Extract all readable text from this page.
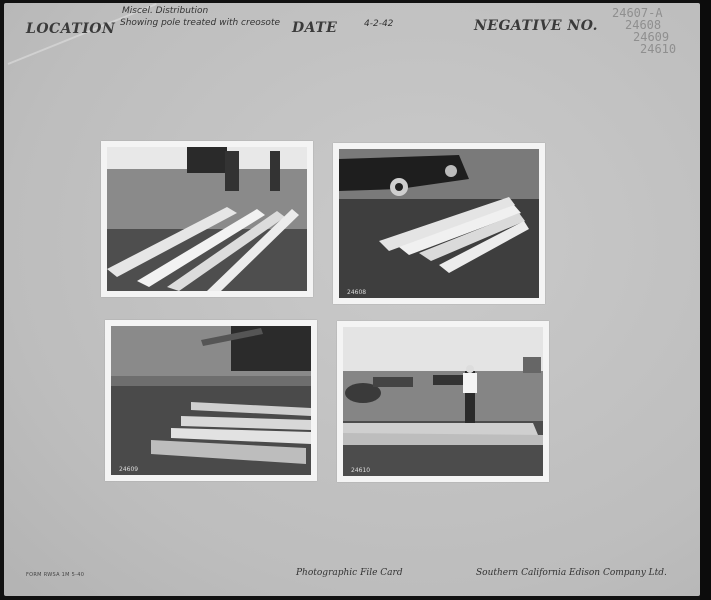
LOCATION
Miscel. Distribution
Showing pole treated with creosote DATE	4-2-42	NEGATIVE NO.
24607-A
24608
24609
24610
24608
24609	24610
FORM RWSA 1M 5-40	Photographic File Card	Southern California Edison Company Ltd.
